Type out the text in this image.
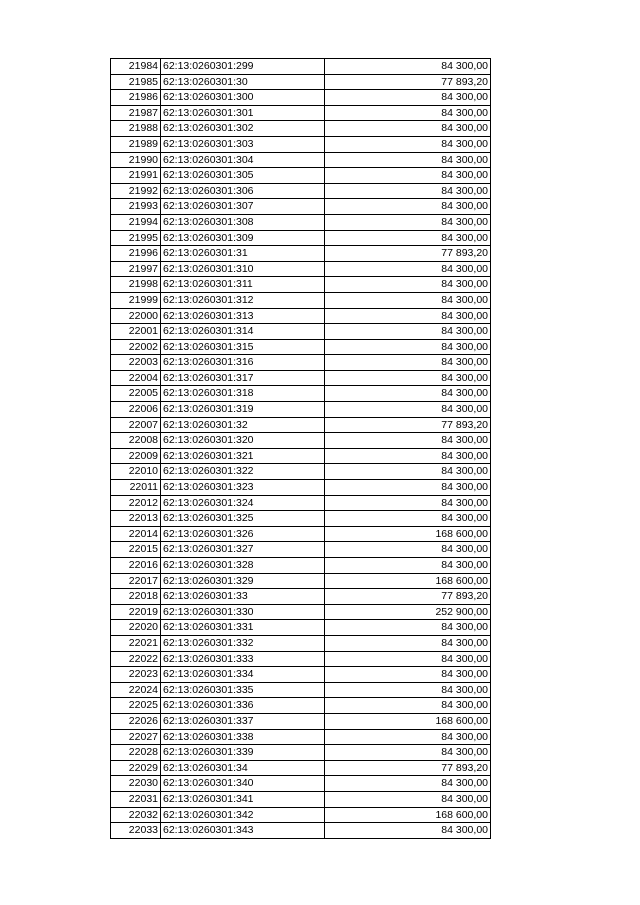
21984	62:13:0260301:299	84 300,00
21985	62:13:0260301:30	77 893,20
21986	62:13:0260301:300	84 300,00
21987	62:13:0260301:301	84 300,00
21988	62:13:0260301:302	84 300,00
21989	62:13:0260301:303	84 300,00
21990	62:13:0260301:304	84 300,00
21991	62:13:0260301:305	84 300,00
21992	62:13:0260301:306	84 300,00
21993	62:13:0260301:307	84 300,00
21994	62:13:0260301:308	84 300,00
21995	62:13:0260301:309	84 300,00
21996	62:13:0260301:31	77 893,20
21997	62:13:0260301:310	84 300,00
21998	62:13:0260301:311	84 300,00
21999	62:13:0260301:312	84 300,00
22000	62:13:0260301:313	84 300,00
22001	62:13:0260301:314	84 300,00
22002	62:13:0260301:315	84 300,00
22003	62:13:0260301:316	84 300,00
22004	62:13:0260301:317	84 300,00
22005	62:13:0260301:318	84 300,00
22006	62:13:0260301:319	84 300,00
22007	62:13:0260301:32	77 893,20
22008	62:13:0260301:320	84 300,00
22009	62:13:0260301:321	84 300,00
22010	62:13:0260301:322	84 300,00
22011	62:13:0260301:323	84 300,00
22012	62:13:0260301:324	84 300,00
22013	62:13:0260301:325	84 300,00
22014	62:13:0260301:326	168 600,00
22015	62:13:0260301:327	84 300,00
22016	62:13:0260301:328	84 300,00
22017	62:13:0260301:329	168 600,00
22018	62:13:0260301:33	77 893,20
22019	62:13:0260301:330	252 900,00
22020	62:13:0260301:331	84 300,00
22021	62:13:0260301:332	84 300,00
22022	62:13:0260301:333	84 300,00
22023	62:13:0260301:334	84 300,00
22024	62:13:0260301:335	84 300,00
22025	62:13:0260301:336	84 300,00
22026	62:13:0260301:337	168 600,00
22027	62:13:0260301:338	84 300,00
22028	62:13:0260301:339	84 300,00
22029	62:13:0260301:34	77 893,20
22030	62:13:0260301:340	84 300,00
22031	62:13:0260301:341	84 300,00
22032	62:13:0260301:342	168 600,00
22033	62:13:0260301:343	84 300,00
